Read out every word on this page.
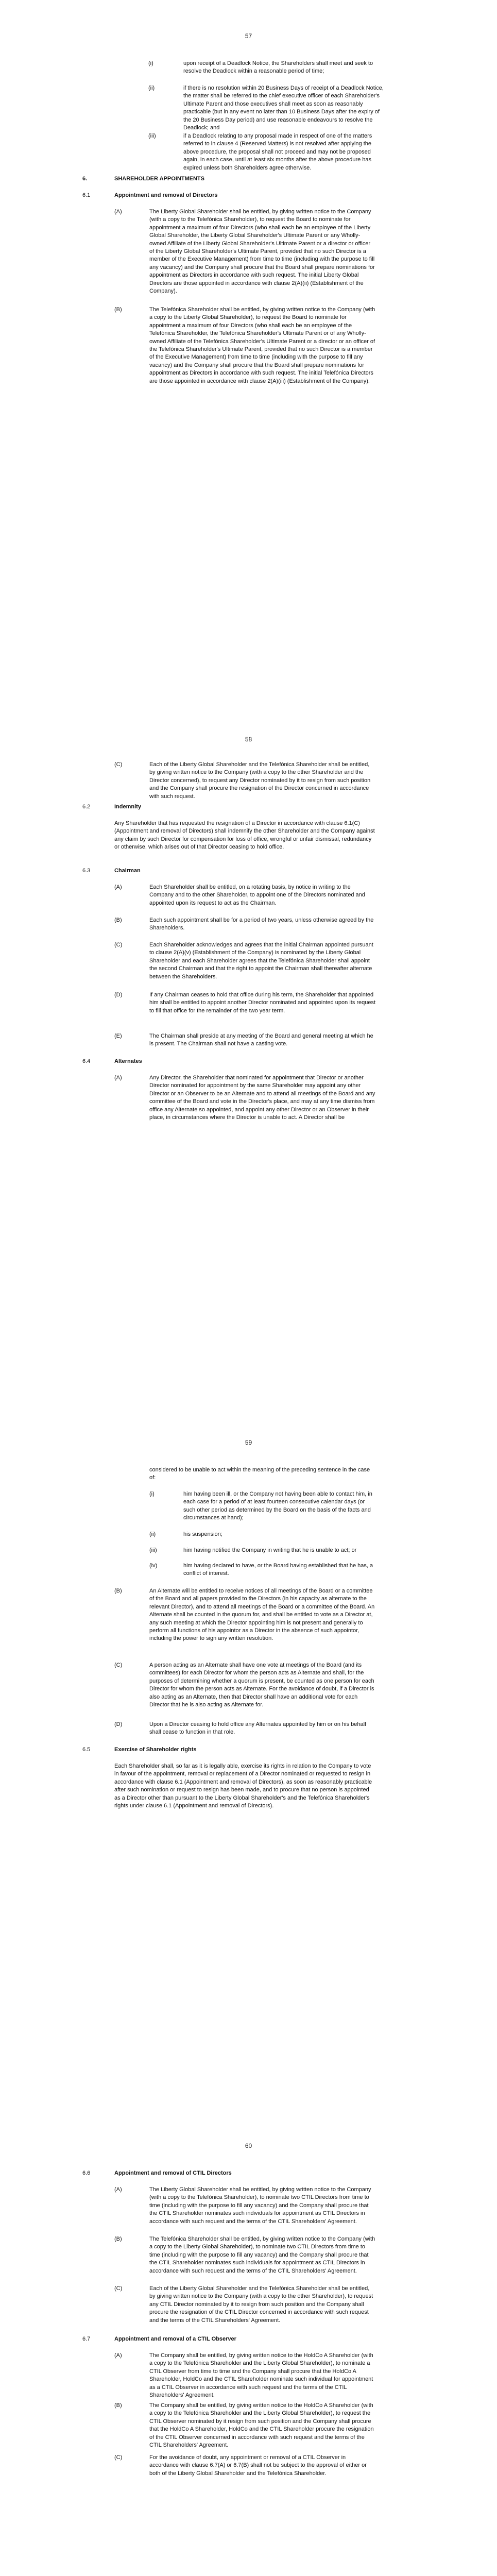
57
(i)	upon receipt of a Deadlock Notice, the Shareholders shall meet and seek to resolve the Deadlock within a reasonable period of time;
(ii)	if there is no resolution within 20 Business Days of receipt of a Deadlock Notice, the matter shall be referred to the chief executive officer of each Shareholder's Ultimate Parent and those executives shall meet as soon as reasonably practicable (but in any event no later than 10 Business Days after the expiry of the 20 Business Day period) and use reasonable endeavours to resolve the Deadlock; and
(iii)	if a Deadlock relating to any proposal made in respect of one of the matters referred to in clause 4 (Reserved Matters) is not resolved after applying the above procedure, the proposal shall not proceed and may not be proposed again, in each case, until at least six months after the above procedure has expired unless both Shareholders agree otherwise.
6.	SHAREHOLDER APPOINTMENTS
6.1	Appointment and removal of Directors
(A)	The Liberty Global Shareholder shall be entitled, by giving written notice to the Company (with a copy to the Telefónica Shareholder), to request the Board to nominate for appointment a maximum of four Directors (who shall each be an employee of the Liberty Global Shareholder, the Liberty Global Shareholder's Ultimate Parent or any Wholly-owned Affiliate of the Liberty Global Shareholder's Ultimate Parent or a director or officer of the Liberty Global Shareholder's Ultimate Parent, provided that no such Director is a member of the Executive Management) from time to time (including with the purpose to fill any vacancy) and the Company shall procure that the Board shall prepare nominations for appointment as Directors in accordance with such request. The initial Liberty Global Directors are those appointed in accordance with clause 2(A)(ii) (Establishment of the Company).
(B)	The Telefónica Shareholder shall be entitled, by giving written notice to the Company (with a copy to the Liberty Global Shareholder), to request the Board to nominate for appointment a maximum of four Directors (who shall each be an employee of the Telefónica Shareholder, the Telefónica Shareholder's Ultimate Parent or of any Wholly-owned Affiliate of the Telefónica Shareholder's Ultimate Parent or a director or an officer of the Telefónica Shareholder's Ultimate Parent, provided that no such Director is a member of the Executive Management) from time to time (including with the purpose to fill any vacancy) and the Company shall procure that the Board shall prepare nominations for appointment as Directors in accordance with such request. The initial Telefónica Directors are those appointed in accordance with clause 2(A)(iii) (Establishment of the Company).
58
(C)	Each of the Liberty Global Shareholder and the Telefónica Shareholder shall be entitled, by giving written notice to the Company (with a copy to the other Shareholder and the Director concerned), to request any Director nominated by it to resign from such position and the Company shall procure the resignation of the Director concerned in accordance with such request.
6.2	Indemnity
Any Shareholder that has requested the resignation of a Director in accordance with clause 6.1(C) (Appointment and removal of Directors) shall indemnify the other Shareholder and the Company against any claim by such Director for compensation for loss of office, wrongful or unfair dismissal, redundancy or otherwise, which arises out of that Director ceasing to hold office.
6.3	Chairman
(A)	Each Shareholder shall be entitled, on a rotating basis, by notice in writing to the Company and to the other Shareholder, to appoint one of the Directors nominated and appointed upon its request to act as the Chairman.
(B)	Each such appointment shall be for a period of two years, unless otherwise agreed by the Shareholders.
(C)	Each Shareholder acknowledges and agrees that the initial Chairman appointed pursuant to clause 2(A)(v) (Establishment of the Company) is nominated by the Liberty Global Shareholder and each Shareholder agrees that the Telefónica Shareholder shall appoint the second Chairman and that the right to appoint the Chairman shall thereafter alternate between the Shareholders.
(D)	If any Chairman ceases to hold that office during his term, the Shareholder that appointed him shall be entitled to appoint another Director nominated and appointed upon its request to fill that office for the remainder of the two year term.
(E)	The Chairman shall preside at any meeting of the Board and general meeting at which he is present. The Chairman shall not have a casting vote.
6.4	Alternates
(A)	Any Director, the Shareholder that nominated for appointment that Director or another Director nominated for appointment by the same Shareholder may appoint any other Director or an Observer to be an Alternate and to attend all meetings of the Board and any committee of the Board and vote in the Director's place, and may at any time dismiss from office any Alternate so appointed, and appoint any other Director or an Observer in their place, in circumstances where the Director is unable to act. A Director shall be
59
considered to be unable to act within the meaning of the preceding sentence in the case of:
(i)	him having been ill, or the Company not having been able to contact him, in each case for a period of at least fourteen consecutive calendar days (or such other period as determined by the Board on the basis of the facts and circumstances at hand);
(ii)	his suspension;
(iii)	him having notified the Company in writing that he is unable to act; or
(iv)	him having declared to have, or the Board having established that he has, a conflict of interest.
(B)	An Alternate will be entitled to receive notices of all meetings of the Board or a committee of the Board and all papers provided to the Directors (in his capacity as alternate to the relevant Director), and to attend all meetings of the Board or a committee of the Board. An Alternate shall be counted in the quorum for, and shall be entitled to vote as a Director at, any such meeting at which the Director appointing him is not present and generally to perform all functions of his appointor as a Director in the absence of such appointor, including the power to sign any written resolution.
(C)	A person acting as an Alternate shall have one vote at meetings of the Board (and its committees) for each Director for whom the person acts as Alternate and shall, for the purposes of determining whether a quorum is present, be counted as one person for each Director for whom the person acts as Alternate. For the avoidance of doubt, if a Director is also acting as an Alternate, then that Director shall have an additional vote for each Director that he is also acting as Alternate for.
(D)	Upon a Director ceasing to hold office any Alternates appointed by him or on his behalf shall cease to function in that role.
6.5	Exercise of Shareholder rights
Each Shareholder shall, so far as it is legally able, exercise its rights in relation to the Company to vote in favour of the appointment, removal or replacement of a Director nominated or requested to resign in accordance with clause 6.1 (Appointment and removal of Directors), as soon as reasonably practicable after such nomination or request to resign has been made, and to procure that no person is appointed as a Director other than pursuant to the Liberty Global Shareholder's and the Telefónica Shareholder's rights under clause 6.1 (Appointment and removal of Directors).
60
6.6	Appointment and removal of CTIL Directors
(A)	The Liberty Global Shareholder shall be entitled, by giving written notice to the Company (with a copy to the Telefónica Shareholder), to nominate two CTIL Directors from time to time (including with the purpose to fill any vacancy) and the Company shall procure that the CTIL Shareholder nominates such individuals for appointment as CTIL Directors in accordance with such request and the terms of the CTIL Shareholders' Agreement.
(B)	The Telefónica Shareholder shall be entitled, by giving written notice to the Company (with a copy to the Liberty Global Shareholder), to nominate two CTIL Directors from time to time (including with the purpose to fill any vacancy) and the Company shall procure that the CTIL Shareholder nominates such individuals for appointment as CTIL Directors in accordance with such request and the terms of the CTIL Shareholders' Agreement.
(C)	Each of the Liberty Global Shareholder and the Telefónica Shareholder shall be entitled, by giving written notice to the Company (with a copy to the other Shareholder), to request any CTIL Director nominated by it to resign from such position and the Company shall procure the resignation of the CTIL Director concerned in accordance with such request and the terms of the CTIL Shareholders' Agreement.
6.7	Appointment and removal of a CTIL Observer
(A)	The Company shall be entitled, by giving written notice to the HoldCo A Shareholder (with a copy to the Telefónica Shareholder and the Liberty Global Shareholder), to nominate a CTIL Observer from time to time and the Company shall procure that the HoldCo A Shareholder, HoldCo and the CTIL Shareholder nominate such individual for appointment as a CTIL Observer in accordance with such request and the terms of the CTIL Shareholders' Agreement.
(B)	The Company shall be entitled, by giving written notice to the HoldCo A Shareholder (with a copy to the Telefónica Shareholder and the Liberty Global Shareholder), to request the CTIL Observer nominated by it resign from such position and the Company shall procure that the HoldCo A Shareholder, HoldCo and the CTIL Shareholder procure the resignation of the CTIL Observer concerned in accordance with such request and the terms of the CTIL Shareholders' Agreement.
(C)	For the avoidance of doubt, any appointment or removal of a CTIL Observer in accordance with clause 6.7(A) or 6.7(B) shall not be subject to the approval of either or both of the Liberty Global Shareholder and the Telefónica Shareholder.
